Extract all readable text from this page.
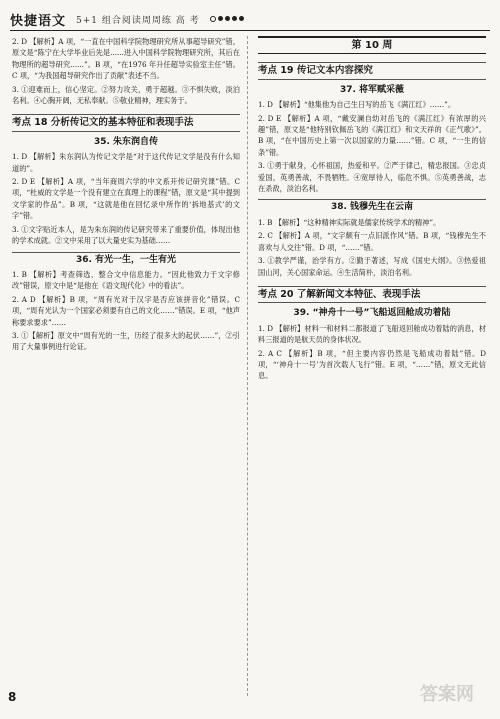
快捷语文 5+1 组合阅读周周练 高 考

2. D 【解析】A 项，“一直在中国科学院物理研究所从事超导研究”错，原文是“陈宁在大学毕业后先是......进入中国科学院物理研究所，其后在物理所的超导研究......”。B 项，“在1976 年升任超导实验室主任”错。C 项，“为我国超导研究作出了贡献”表述不当。

3. ①迎难而上，信心坚定。②努力攻关，勇于超越。③不惧失败，淡泊名利。④心胸开阔，无私奉献。⑤敬业精神，理实务于。

考点 18 分析传记文的基本特征和表现手法
35. 朱东润自传

1. D 【解析】朱东润认为传记文学是“对于这代传记文学是没有什么知道的”。

2. D E 【解析】A 项，“当年商周六学的中文系开传记研究课”错。C 项，“杜威的文学是一个没有建立在真理上的课程”错，原文是“其中提到文学家的作品”。B 项，“这就是他在回忆录中所作的‘拆地基式’的文字”错。

3. ①文字贴近本人，是为朱东润的传记研究带来了重要价值，体现出他的学术成就。②文中采用了以大量史实为基础……

36. 有光一生，一生有光

1. B 【解析】考查筛选、整合文中信息能力。“因此他致力于文字修改”错误，原文中是“是他在《语文现代化》中的看法”。

2. A D 【解析】B 项，“周有光对于汉字是否应该拼音化”错误。C 项，“周有光认为一个国家必须要有自己的文化……”错误。E 项，“他声称要求要求”……

3. ①【解析】原文中“周有光的一生，历经了很多大的起伏……”，②引用了大量事例进行论证。

第 10 周
考点 19 传记文本内容探究
37. 将军赋采薇

1. D 【解析】“他集他为自己生日写的岳飞《满江红》……”。

2. D E 【解析】A 项，“戴安澜自幼对岳飞的《满江红》有浓厚的兴趣”错，原文是“他特别钦佩岳飞的《满江红》和文天祥的《正气歌》”。B 项，“在中国历史上第一次以国家的力量……”错。C 项，“一生的信条”错。

3. ①勇于献身，心怀祖国，热爱和平。②严于律己，精忠报国。③忠贞爱国，英勇善战，不畏牺牲。④宽厚待人，临危不惧。⑤英勇善战，志在杀敌，淡泊名利。

38. 钱穆先生在云南

1. B 【解析】“这种精神实际就是儒家传统学术的精神”。

2. C 【解析】A 项，“文字颇有一点旧派作风”错。B 项，“钱穆先生不喜欢与人交往”错。D 项，“……”错。

3. ①教学严谨，治学有方。②勤于著述，写成《国史大纲》。③热爱祖国山河，关心国家命运。④生活简朴，淡泊名利。

考点 20 了解新闻文本特征、表现手法
39. “神舟十一号”飞船返回舱成功着陆

1. D 【解析】材料一和材料二都报道了飞船返回舱成功着陆的消息，材料三报道的是航天员的身体状况。

2. A C 【解析】B 项，“但主要内容仍然是飞船成功着陆”错。D 项，“‘神舟十一号’为首次载人飞行”错。E 项，“……”错，原文无此信息。

8	答案网
